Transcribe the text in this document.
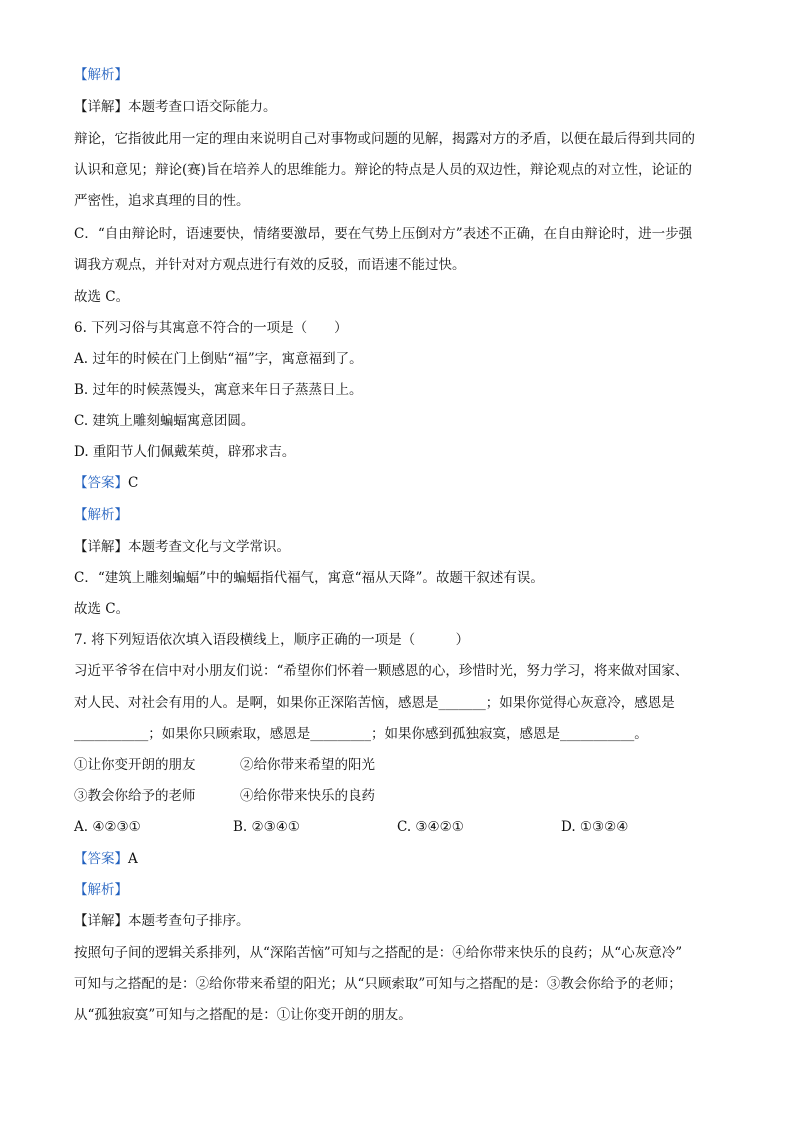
【解析】
【详解】本题考查口语交际能力。
辩论，它指彼此用一定的理由来说明自己对事物或问题的见解，揭露对方的矛盾，以便在最后得到共同的
认识和意见；辩论(赛)旨在培养人的思维能力。辩论的特点是人员的双边性，辩论观点的对立性，论证的
严密性，追求真理的目的性。
C．“自由辩论时，语速要快，情绪要激昂，要在气势上压倒对方”表述不正确，在自由辩论时，进一步强
调我方观点，并针对对方观点进行有效的反驳，而语速不能过快。
故选 C。
6. 下列习俗与其寓意不符合的一项是（　　）
A. 过年的时候在门上倒贴“福”字，寓意福到了。
B. 过年的时候蒸馒头，寓意来年日子蒸蒸日上。
C. 建筑上雕刻蝙蝠寓意团圆。
D. 重阳节人们佩戴茱萸，辟邪求吉。
【答案】C
【解析】
【详解】本题考查文化与文学常识。
C．“建筑上雕刻蝙蝠”中的蝙蝠指代福气，寓意“福从天降”。故题干叙述有误。
故选 C。
7. 将下列短语依次填入语段横线上，顺序正确的一项是（　　　）
习近平爷爷在信中对小朋友们说：“希望你们怀着一颗感恩的心，珍惜时光，努力学习，将来做对国家、
对人民、对社会有用的人。是啊，如果你正深陷苦恼，感恩是_______；如果你觉得心灰意冷，感恩是
___________；如果你只顾索取，感恩是_________；如果你感到孤独寂寞，感恩是___________。
①让你变开朗的朋友	②给你带来希望的阳光
③教会你给予的老师	④给你带来快乐的良药
A. ④②③①	B. ②③④①	C. ③④②①	D. ①③②④
【答案】A
【解析】
【详解】本题考查句子排序。
按照句子间的逻辑关系排列，从“深陷苦恼”可知与之搭配的是：④给你带来快乐的良药；从“心灰意冷”
可知与之搭配的是：②给你带来希望的阳光；从“只顾索取”可知与之搭配的是：③教会你给予的老师；
从“孤独寂寞”可知与之搭配的是：①让你变开朗的朋友。
